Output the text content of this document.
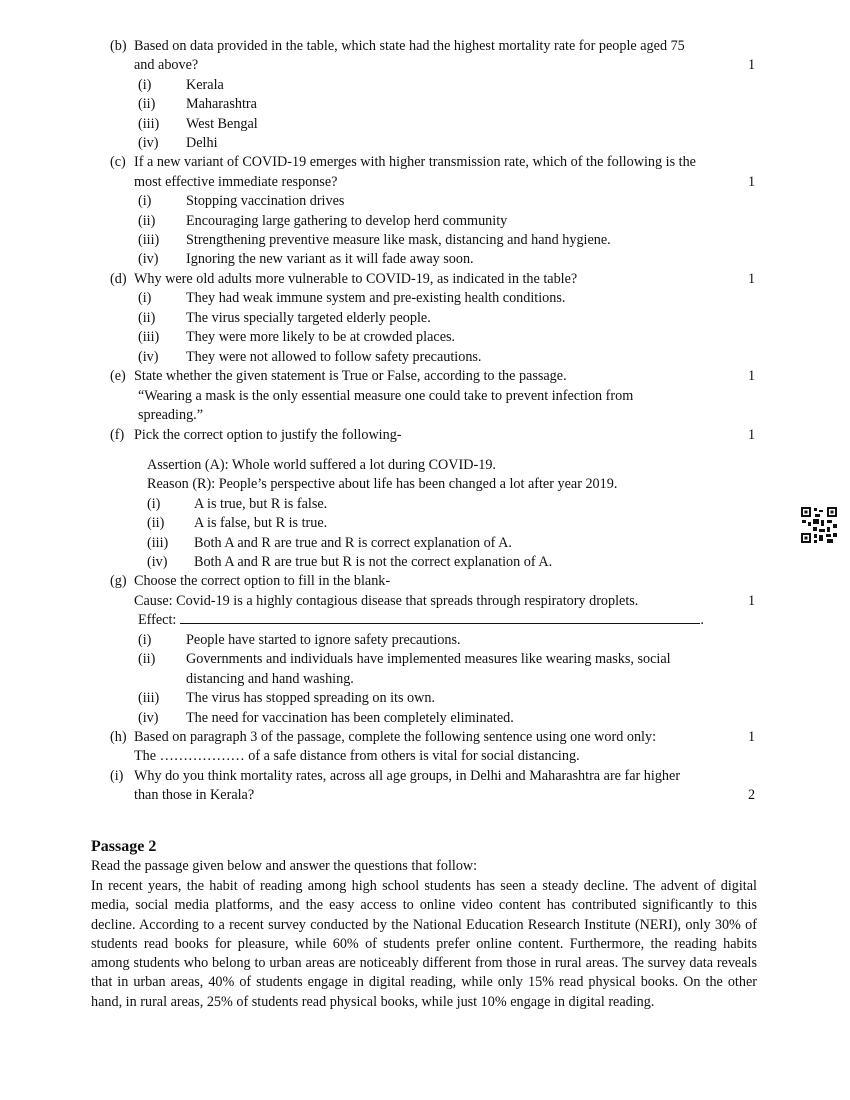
(b) Based on data provided in the table, which state had the highest mortality rate for people aged 75
and above?	1
(i) Kerala
(ii) Maharashtra
(iii) West Bengal
(iv) Delhi
(c) If a new variant of COVID-19 emerges with higher transmission rate, which of the following is the
most effective immediate response?	1
(i) Stopping vaccination drives
(ii) Encouraging large gathering to develop herd community
(iii) Strengthening preventive measure like mask, distancing and hand hygiene.
(iv) Ignoring the new variant as it will fade away soon.
(d) Why were old adults more vulnerable to COVID-19, as indicated in the table?	1
(i) They had weak immune system and pre-existing health conditions.
(ii) The virus specially targeted elderly people.
(iii) They were more likely to be at crowded places.
(iv) They were not allowed to follow safety precautions.
(e) State whether the given statement is True or False, according to the passage.	1
“Wearing a mask is the only essential measure one could take to prevent infection from
spreading.”
(f) Pick the correct option to justify the following-	1
Assertion (A): Whole world suffered a lot during COVID-19.
Reason (R): People’s perspective about life has been changed a lot after year 2019.
(i) A is true, but R is false.
(ii) A is false, but R is true.
(iii) Both A and R are true and R is correct explanation of A.
(iv) Both A and R are true but R is not the correct explanation of A.
(g) Choose the correct option to fill in the blank-
Cause: Covid-19 is a highly contagious disease that spreads through respiratory droplets.	1
Effect:	.
(i) People have started to ignore safety precautions.
(ii) Governments and individuals have implemented measures like wearing masks, social
distancing and hand washing.
(iii) The virus has stopped spreading on its own.
(iv) The need for vaccination has been completely eliminated.
(h) Based on paragraph 3 of the passage, complete the following sentence using one word only:	1
The ……………… of a safe distance from others is vital for social distancing.
(i) Why do you think mortality rates, across all age groups, in Delhi and Maharashtra are far higher
than those in Kerala?	2
Passage 2
Read the passage given below and answer the questions that follow:
In recent years, the habit of reading among high school students has seen a steady decline. The advent of digital media, social media platforms, and the easy access to online video content has contributed significantly to this decline. According to a recent survey conducted by the National Education Research Institute (NERI), only 30% of students read books for pleasure, while 60% of students prefer online content. Furthermore, the reading habits among students who belong to urban areas are noticeably different from those in rural areas. The survey data reveals that in urban areas, 40% of students engage in digital reading, while only 15% read physical books. On the other hand, in rural areas, 25% of students read physical books, while just 10% engage in digital reading.
